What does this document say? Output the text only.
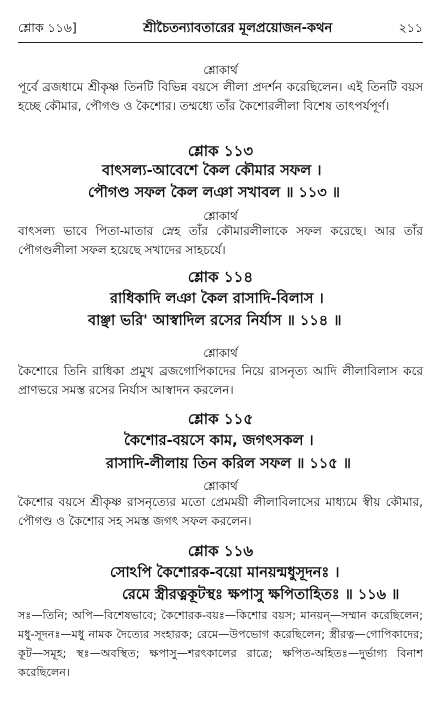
শ্লোক ১১৬]	শ্রীচৈতন্যাবতারের মূলপ্রয়োজন-কথন	২১১
শ্লোকার্থ
পূর্বে ব্রজধামে শ্রীকৃষ্ণ তিনটি বিভিন্ন বয়সে লীলা প্রদর্শন করেছিলেন। এই তিনটি বয়স হচ্ছে কৌমার, পৌগণ্ড ও কৈশোর। তম্মধ্যে তাঁর কৈশোরলীলা বিশেষ তাৎপর্যপূর্ণ।
শ্লোক ১১৩
বাৎসল্য-আবেশে কৈল কৌমার সফল ।
পৌগণ্ড সফল কৈল লঞা সখাবল ॥ ১১৩ ॥
শ্লোকার্থ
বাৎসল্য ভাবে পিতা-মাতার স্নেহ তাঁর কৌমারলীলাকে সফল করেছে। আর তাঁর পৌগণ্ডলীলা সফল হয়েছে সখাদের সাহচর্যে।
শ্লোক ১১৪
রাধিকাদি লঞা কৈল রাসাদি-বিলাস ।
বাঞ্ছা ভরি' আস্বাদিল রসের নির্যাস ॥ ১১৪ ॥
শ্লোকার্থ
কৈশোরে তিনি রাধিকা প্রমুখ ব্রজগোপিকাদের নিয়ে রাসনৃত্য আদি লীলাবিলাস করে প্রাণভরে সমস্ত রসের নির্যাস আস্বাদন করলেন।
শ্লোক ১১৫
কৈশোর-বয়সে কাম, জগৎসকল ।
রাসাদি-লীলায় তিন করিল সফল ॥ ১১৫ ॥
শ্লোকার্থ
কৈশোর বয়সে শ্রীকৃষ্ণ রাসনৃত্যের মতো প্রেমময়ী লীলাবিলাসের মাধ্যমে স্বীয় কৌমার, পৌগণ্ড ও কৈশোর সহ সমস্ত জগৎ সফল করলেন।
শ্লোক ১১৬
সোঽপি কৈশোরক-বয়ো মানয়ন্মধুসূদনঃ ।
রেমে স্ত্রীরত্নকূটস্থঃ ক্ষপাসু ক্ষপিতাহিতঃ ॥ ১১৬ ॥
সঃ—তিনি; অপি—বিশেষভাবে; কৈশোরক-বয়ঃ—কিশোর বয়স; মানয়ন্—সম্মান করেছিলেন; মধু-সূদনঃ—মধু নামক দৈত্যের সংহারক; রেমে—উপভোগ করেছিলেন; স্ত্রীরত্ন—গোপিকাদের; কূট—সমূহ; স্থঃ—অবস্থিত; ক্ষপাসু—শরৎকালের রাত্রে; ক্ষপিত-অহিতঃ—দুর্ভাগ্য বিনাশ করেছিলেন।
